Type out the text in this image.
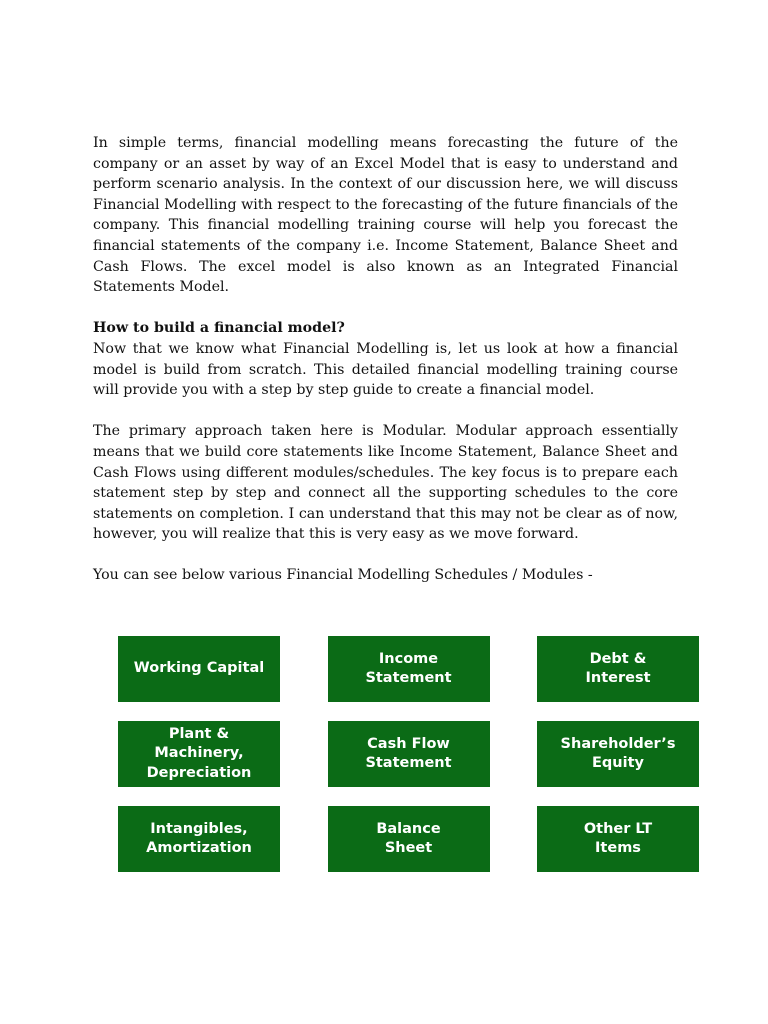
In simple terms, financial modelling means forecasting the future of the company or an asset by way of an Excel Model that is easy to understand and perform scenario analysis. In the context of our discussion here, we will discuss Financial Modelling with respect to the forecasting of the future financials of the company. This financial modelling training course will help you forecast the financial statements of the company i.e. Income Statement, Balance Sheet and Cash Flows. The excel model is also known as an Integrated Financial Statements Model.

How to build a financial model?

Now that we know what Financial Modelling is, let us look at how a financial model is build from scratch. This detailed financial modelling training course will provide you with a step by step guide to create a financial model.

The primary approach taken here is Modular. Modular approach essentially means that we build core statements like Income Statement, Balance Sheet and Cash Flows using different modules/schedules. The key focus is to prepare each statement step by step and connect all the supporting schedules to the core statements on completion. I can understand that this may not be clear as of now, however, you will realize that this is very easy as we move forward.

You can see below various Financial Modelling Schedules / Modules -

Working Capital
Income
Statement
Debt &
Interest
Plant & Machinery,
Depreciation
Cash Flow
Statement
Shareholder’s
Equity
Intangibles,
Amortization
Balance
Sheet
Other LT
Items
